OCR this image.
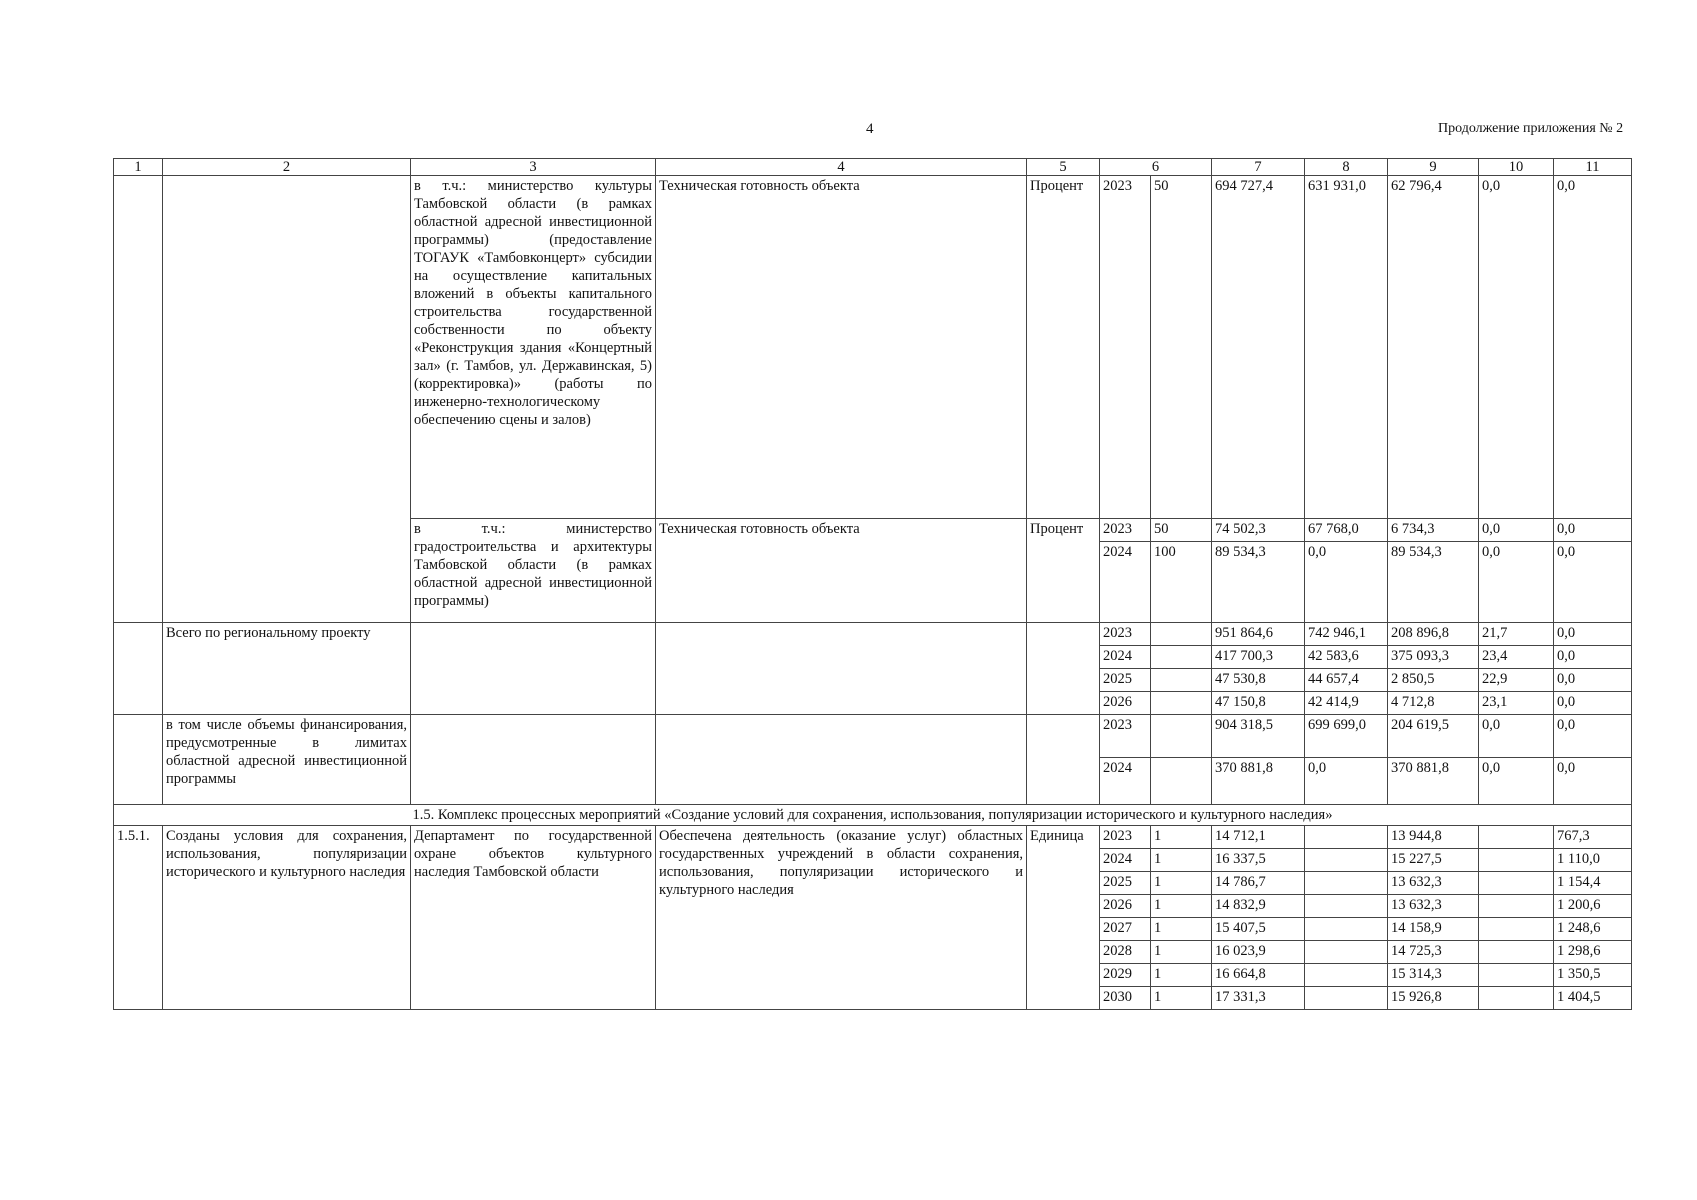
4	Продолжение приложения № 2
1	2	3	4	5	6		7	8	9	10	11
		в т.ч.: министерство культуры Тамбовской области (в рамках областной адресной инвестиционной программы) (предоставление ТОГАУК «Тамбовконцерт» субсидии на осуществление капитальных вложений в объекты капитального строительства государственной собственности по объекту «Реконструкция здания «Концертный зал» (г. Тамбов, ул. Державинская, 5) (корректировка)» (работы по инженерно-технологическому обеспечению сцены и залов)	Техническая готовность объекта	Процент	2023	50	694 727,4	631 931,0	62 796,4	0,0	0,0
		в т.ч.: министерство градостроительства и архитектуры Тамбовской области (в рамках областной адресной инвестиционной программы)	Техническая готовность объекта	Процент	2023	50	74 502,3	67 768,0	6 734,3	0,0	0,0
					2024	100	89 534,3	0,0	89 534,3	0,0	0,0
	Всего по региональному проекту				2023		951 864,6	742 946,1	208 896,8	21,7	0,0
					2024		417 700,3	42 583,6	375 093,3	23,4	0,0
					2025		47 530,8	44 657,4	2 850,5	22,9	0,0
					2026		47 150,8	42 414,9	4 712,8	23,1	0,0
	в том числе объемы финансирования, предусмотренные в лимитах областной адресной инвестиционной программы				2023		904 318,5	699 699,0	204 619,5	0,0	0,0
					2024		370 881,8	0,0	370 881,8	0,0	0,0
1.5. Комплекс процессных мероприятий «Создание условий для сохранения, использования, популяризации исторического и культурного наследия»											
1.5.1.	Созданы условия для сохранения, использования, популяризации исторического и культурного наследия	Департамент по государственной охране объектов культурного наследия Тамбовской области	Обеспечена деятельность (оказание услуг) областных государственных учреждений в области сохранения, использования, популяризации исторического и культурного наследия	Единица	2023	1	14 712,1		13 944,8		767,3
					2024	1	16 337,5		15 227,5		1 110,0
					2025	1	14 786,7		13 632,3		1 154,4
					2026	1	14 832,9		13 632,3		1 200,6
					2027	1	15 407,5		14 158,9		1 248,6
					2028	1	16 023,9		14 725,3		1 298,6
					2029	1	16 664,8		15 314,3		1 350,5
					2030	1	17 331,3		15 926,8		1 404,5
